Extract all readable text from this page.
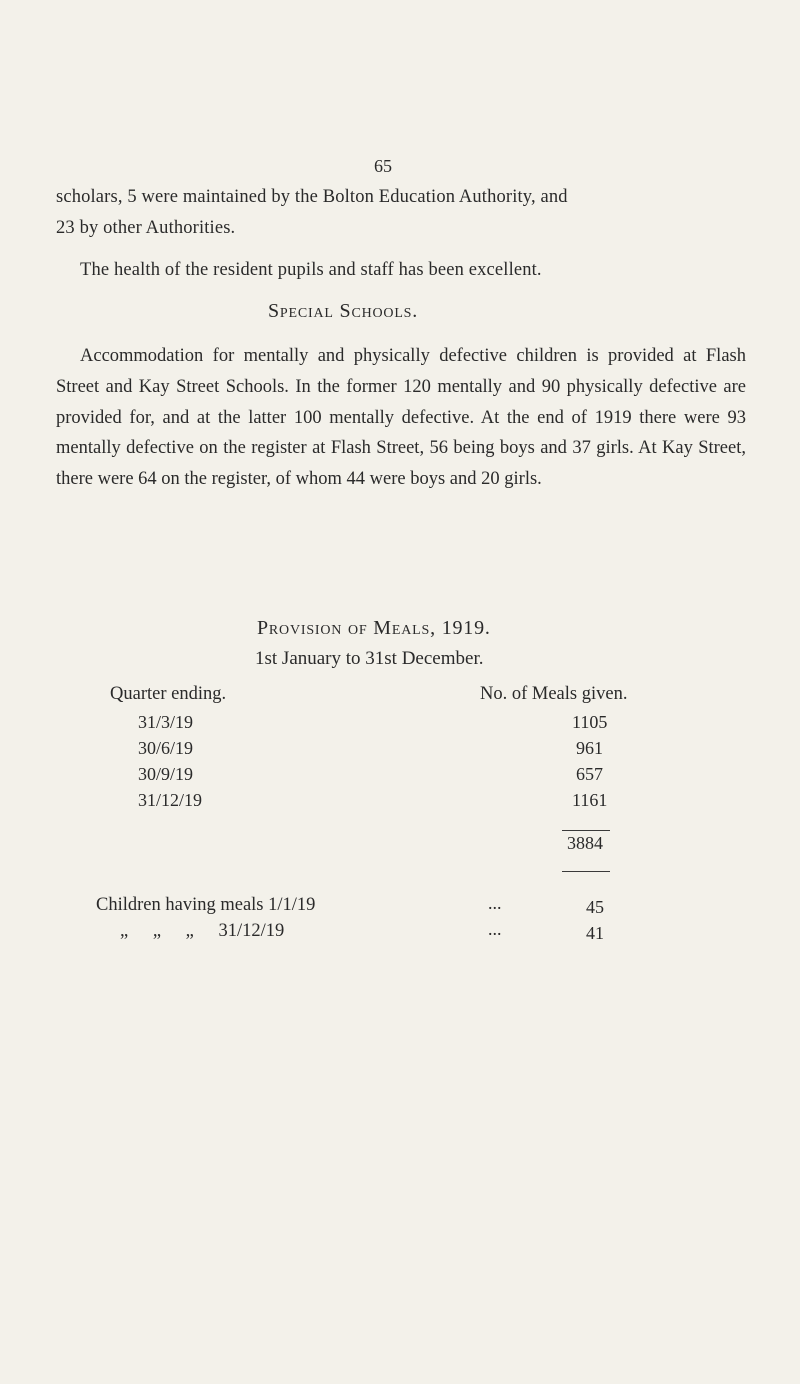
65
scholars, 5 were maintained by the Bolton Education Authority, and
23 by other Authorities.
The health of the resident pupils and staff has been excellent.
Special Schools.

Accommodation for mentally and physically defective children is provided at Flash Street and Kay Street Schools. In the former 120 mentally and 90 physically defective are provided for, and at the latter 100 mentally defective. At the end of 1919 there were 93 mentally defective on the register at Flash Street, 56 being boys and 37 girls. At Kay Street, there were 64 on the register, of whom 44 were boys and 20 girls.

Provision of Meals, 1919.
1st January to 31st December.
Quarter ending.	No. of Meals given.
31/3/19	1105
30/6/19	961
30/9/19	657
31/12/19	1161
3884
Children having meals 1/1/19	...	45
„ „ „ 31/12/19	...	41
